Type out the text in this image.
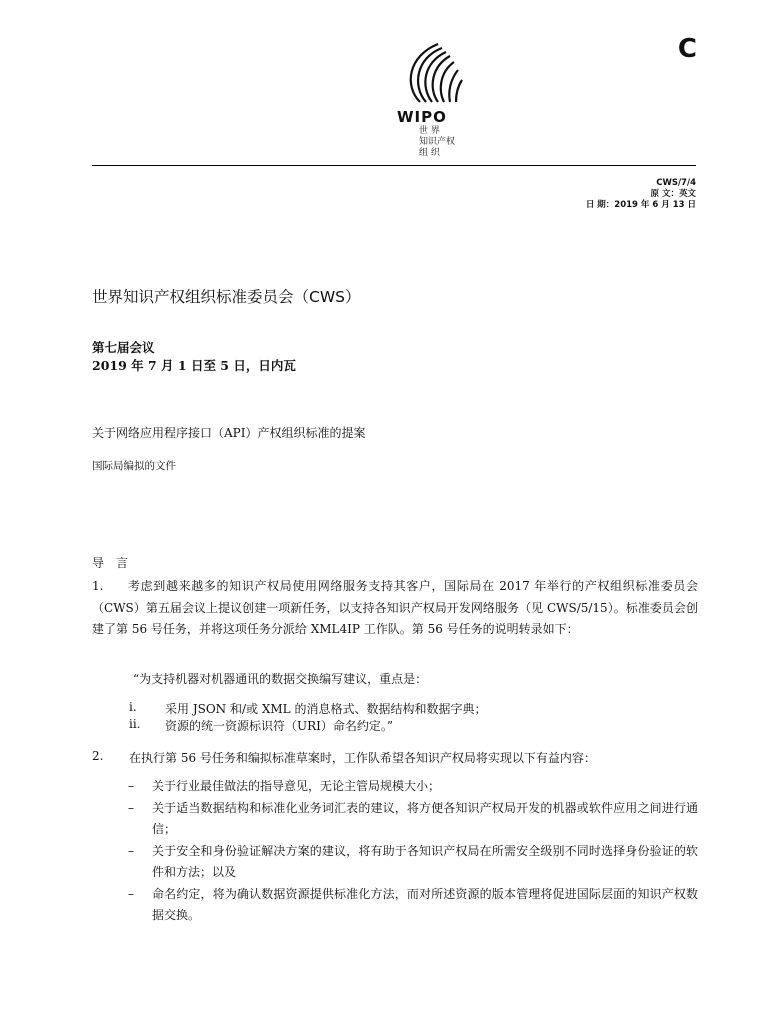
C
WIPO
世 界
知识产权
组 织
CWS/7/4
原 文：英文
日 期：2019 年 6 月 13 日
世界知识产权组织标准委员会（CWS）
第七届会议
2019 年 7 月 1 日至 5 日，日内瓦
关于网络应用程序接口（API）产权组织标准的提案
国际局编拟的文件
导　言
1.	考虑到越来越多的知识产权局使用网络服务支持其客户，国际局在 2017 年举行的产权组织标准委员会（CWS）第五届会议上提议创建一项新任务，以支持各知识产权局开发网络服务（见 CWS/5/15）。标准委员会创建了第 56 号任务，并将这项任务分派给 XML4IP 工作队。第 56 号任务的说明转录如下：
“为支持机器对机器通讯的数据交换编写建议，重点是：
i.	采用 JSON 和/或 XML 的消息格式、数据结构和数据字典；
ii.	资源的统一资源标识符（URI）命名约定。”
2.	在执行第 56 号任务和编拟标准草案时，工作队希望各知识产权局将实现以下有益内容：
– 关于行业最佳做法的指导意见，无论主管局规模大小；
– 关于适当数据结构和标准化业务词汇表的建议，将方便各知识产权局开发的机器或软件应用之间进行通信；
– 关于安全和身份验证解决方案的建议，将有助于各知识产权局在所需安全级别不同时选择身份验证的软件和方法；以及
– 命名约定，将为确认数据资源提供标准化方法，而对所述资源的版本管理将促进国际层面的知识产权数据交换。
